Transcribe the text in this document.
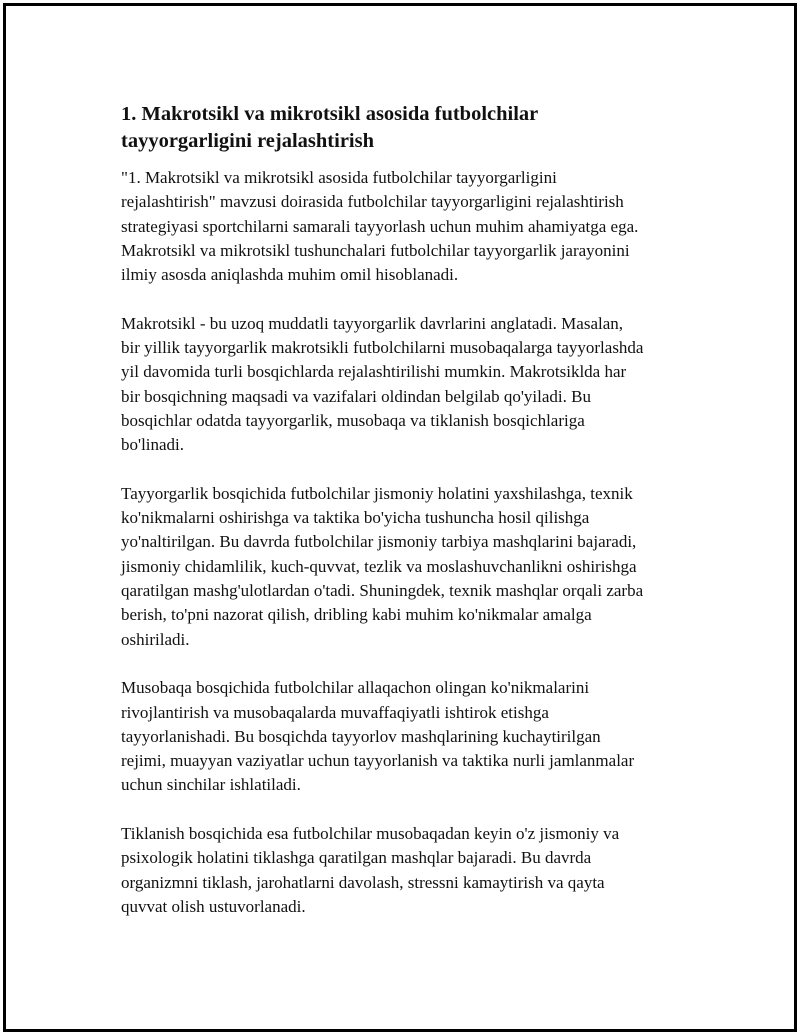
1. Makrotsikl va mikrotsikl asosida futbolchilar
tayyorgarligini rejalashtirish
"1. Makrotsikl va mikrotsikl asosida futbolchilar tayyorgarligini
rejalashtirish" mavzusi doirasida futbolchilar tayyorgarligini rejalashtirish
strategiyasi sportchilarni samarali tayyorlash uchun muhim ahamiyatga ega.
Makrotsikl va mikrotsikl tushunchalari futbolchilar tayyorgarlik jarayonini
ilmiy asosda aniqlashda muhim omil hisoblanadi.
Makrotsikl - bu uzoq muddatli tayyorgarlik davrlarini anglatadi. Masalan,
bir yillik tayyorgarlik makrotsikli futbolchilarni musobaqalarga tayyorlashda
yil davomida turli bosqichlarda rejalashtirilishi mumkin. Makrotsiklda har
bir bosqichning maqsadi va vazifalari oldindan belgilab qo'yiladi. Bu
bosqichlar odatda tayyorgarlik, musobaqa va tiklanish bosqichlariga
bo'linadi.
Tayyorgarlik bosqichida futbolchilar jismoniy holatini yaxshilashga, texnik
ko'nikmalarni oshirishga va taktika bo'yicha tushuncha hosil qilishga
yo'naltirilgan. Bu davrda futbolchilar jismoniy tarbiya mashqlarini bajaradi,
jismoniy chidamlilik, kuch-quvvat, tezlik va moslashuvchanlikni oshirishga
qaratilgan mashg'ulotlardan o'tadi. Shuningdek, texnik mashqlar orqali zarba
berish, to'pni nazorat qilish, dribling kabi muhim ko'nikmalar amalga
oshiriladi.
Musobaqa bosqichida futbolchilar allaqachon olingan ko'nikmalarini
rivojlantirish va musobaqalarda muvaffaqiyatli ishtirok etishga
tayyorlanishadi. Bu bosqichda tayyorlov mashqlarining kuchaytirilgan
rejimi, muayyan vaziyatlar uchun tayyorlanish va taktika nurli jamlanmalar
uchun sinchilar ishlatiladi.
Tiklanish bosqichida esa futbolchilar musobaqadan keyin o'z jismoniy va
psixologik holatini tiklashga qaratilgan mashqlar bajaradi. Bu davrda
organizmni tiklash, jarohatlarni davolash, stressni kamaytirish va qayta
quvvat olish ustuvorlanadi.
